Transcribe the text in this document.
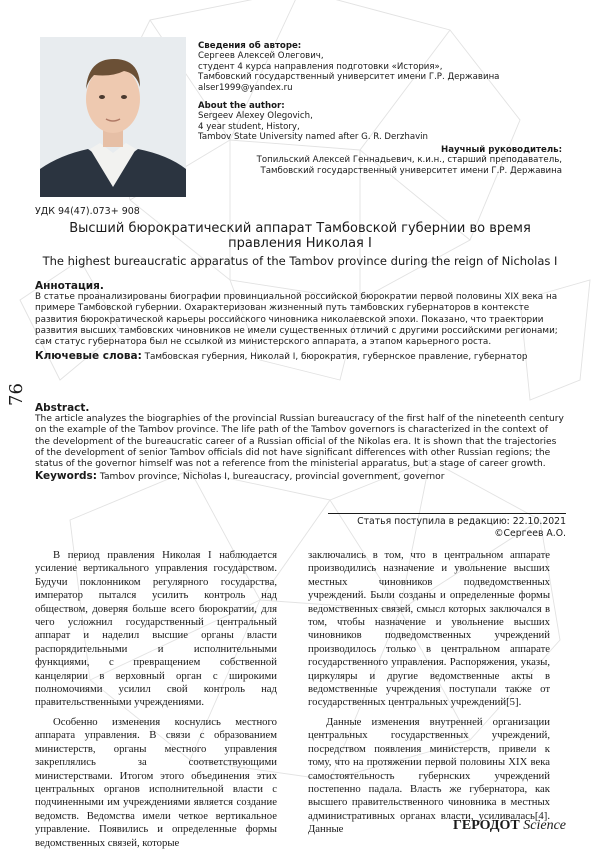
Сведения об авторе:
Сергеев Алексей Олегович,
студент 4 курса направления подготовки «История»,
Тамбовский государственный университет имени Г.Р. Державина
alser1999@yandex.ru
About the author:
Sergeev Alexey Olegovich,
4 year student, History,
Tambov State University named after G. R. Derzhavin
Научный руководитель:
Топильский Алексей Геннадьевич, к.и.н., старший преподаватель,
Тамбовский государственный университет имени Г.Р. Державина
УДК 94(47).073+ 908
Высший бюрократический аппарат Тамбовской губернии во время правления Николая I
The highest bureaucratic apparatus of the Tambov province during the reign of Nicholas I
Аннотация.
В статье проанализированы биографии провинциальной российской бюрократии первой половины XIX века на примере Тамбовской губернии. Охарактеризован жизненный путь тамбовских губернаторов в контексте развития бюрократической карьеры российского чиновника николаевской эпохи. Показано, что траектории развития высших тамбовских чиновников не имели существенных отличий с другими российскими регионами; сам статус губернатора был не ссылкой из министерского аппарата, а этапом карьерного роста.
Ключевые слова: Тамбовская губерния, Николай I, бюрократия, губернское правление, губернатор
76
Abstract.
The article analyzes the biographies of the provincial Russian bureaucracy of the first half of the nineteenth century on the example of the Tambov province. The life path of the Tambov governors is characterized in the context of the development of the bureaucratic career of a Russian official of the Nikolas era. It is shown that the trajectories of the development of senior Tambov officials did not have significant differences with other Russian regions; the status of the governor himself was not a reference from the ministerial apparatus, but a stage of career growth.
Keywords: Tambov province, Nicholas I, bureaucracy, provincial government, governor
Статья поступила в редакцию: 22.10.2021
©Сергеев А.О.

В период правления Николая I наблюдается усиление вертикального управления государством. Будучи поклонником регулярного государства, император пытался усилить контроль над обществом, доверяя больше всего бюрократии, для чего усложнил государственный центральный аппарат и наделил высшие органы власти распорядительными и исполнительными функциями, с превращением собственной канцелярии в верховный орган с широкими полномочиями усилил свой контроль над правительственными учреждениями.

Особенно изменения коснулись местного аппарата управления. В связи с образованием министерств, органы местного управления закреплялись за соответствующими министерствами. Итогом этого объединения этих центральных органов исполнительной власти с подчиненными им учреждениями является создание ведомств. Ведомства имели четкое вертикальное управление. Появились и определенные формы ведомственных связей, которые

заключались в том, что в центральном аппарате производились назначение и увольнение высших местных чиновников подведомственных учреждений. Были созданы и определенные формы ведомственных связей, смысл которых заключался в том, чтобы назначение и увольнение высших чиновников подведомственных учреждений производилось только в центральном аппарате государственного управления. Распоряжения, указы, циркуляры и другие ведомственные акты в ведомственные учреждения поступали также от государственных центральных учреждений[5].

Данные изменения внутренней организации центральных государственных учреждений, посредством появления министерств, привели к тому, что на протяжении первой половины XIX века самостоятельность губернских учреждений постепенно падала. Власть же губернатора, как высшего правительственного чиновника в местных административных органах власти, усиливалась[4]. Данные	ГЕРОДОТ Science
